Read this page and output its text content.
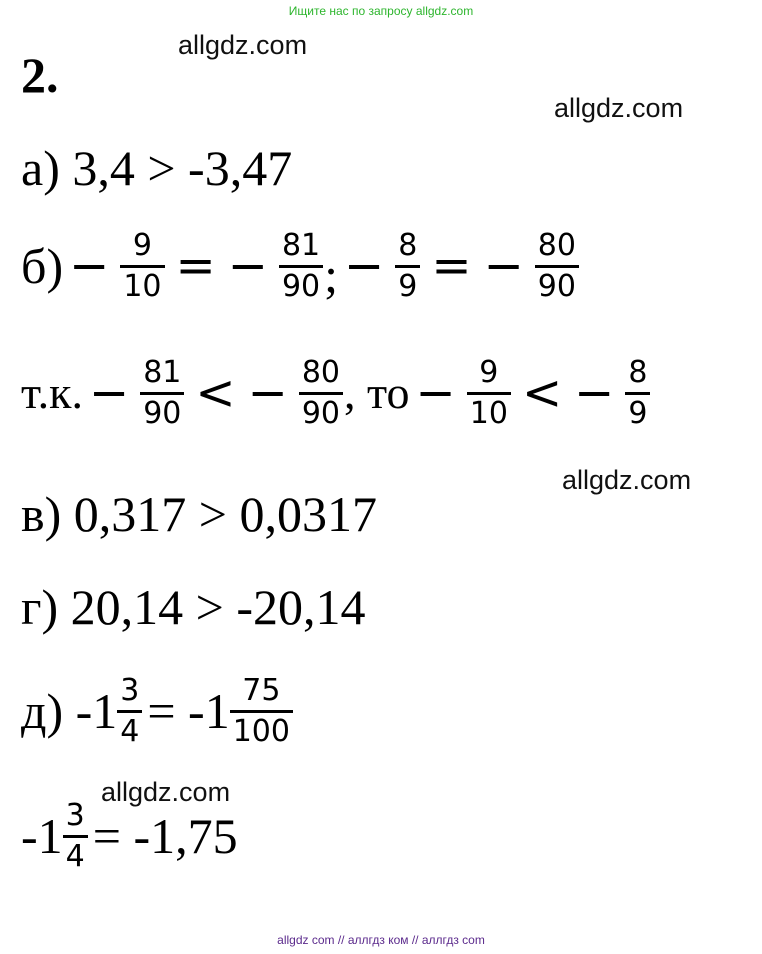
Ищите нас по запросу allgdz.com
allgdz.com
allgdz.com
allgdz.com
allgdz.com
2.
а) 3,4 > -3,47
$б) - \frac{9}{10}$ = − $\frac{81}{90}$ ; − $\frac{8}{9}$ = − $\frac{80}{90}$
т.к. − $\frac{81}{90}$ < − $\frac{80}{90}$ , то − $\frac{9}{10}$ < − $\frac{8}{9}$
в) 0,317 > 0,0317
г) 20,14 > -20,14
д) $-1 \frac{3}{4} = -1 \frac{75}{100}$
$-1 \frac{3}{4} = -1,75$
allgdz com // аллгдз ком // аллгдз com
